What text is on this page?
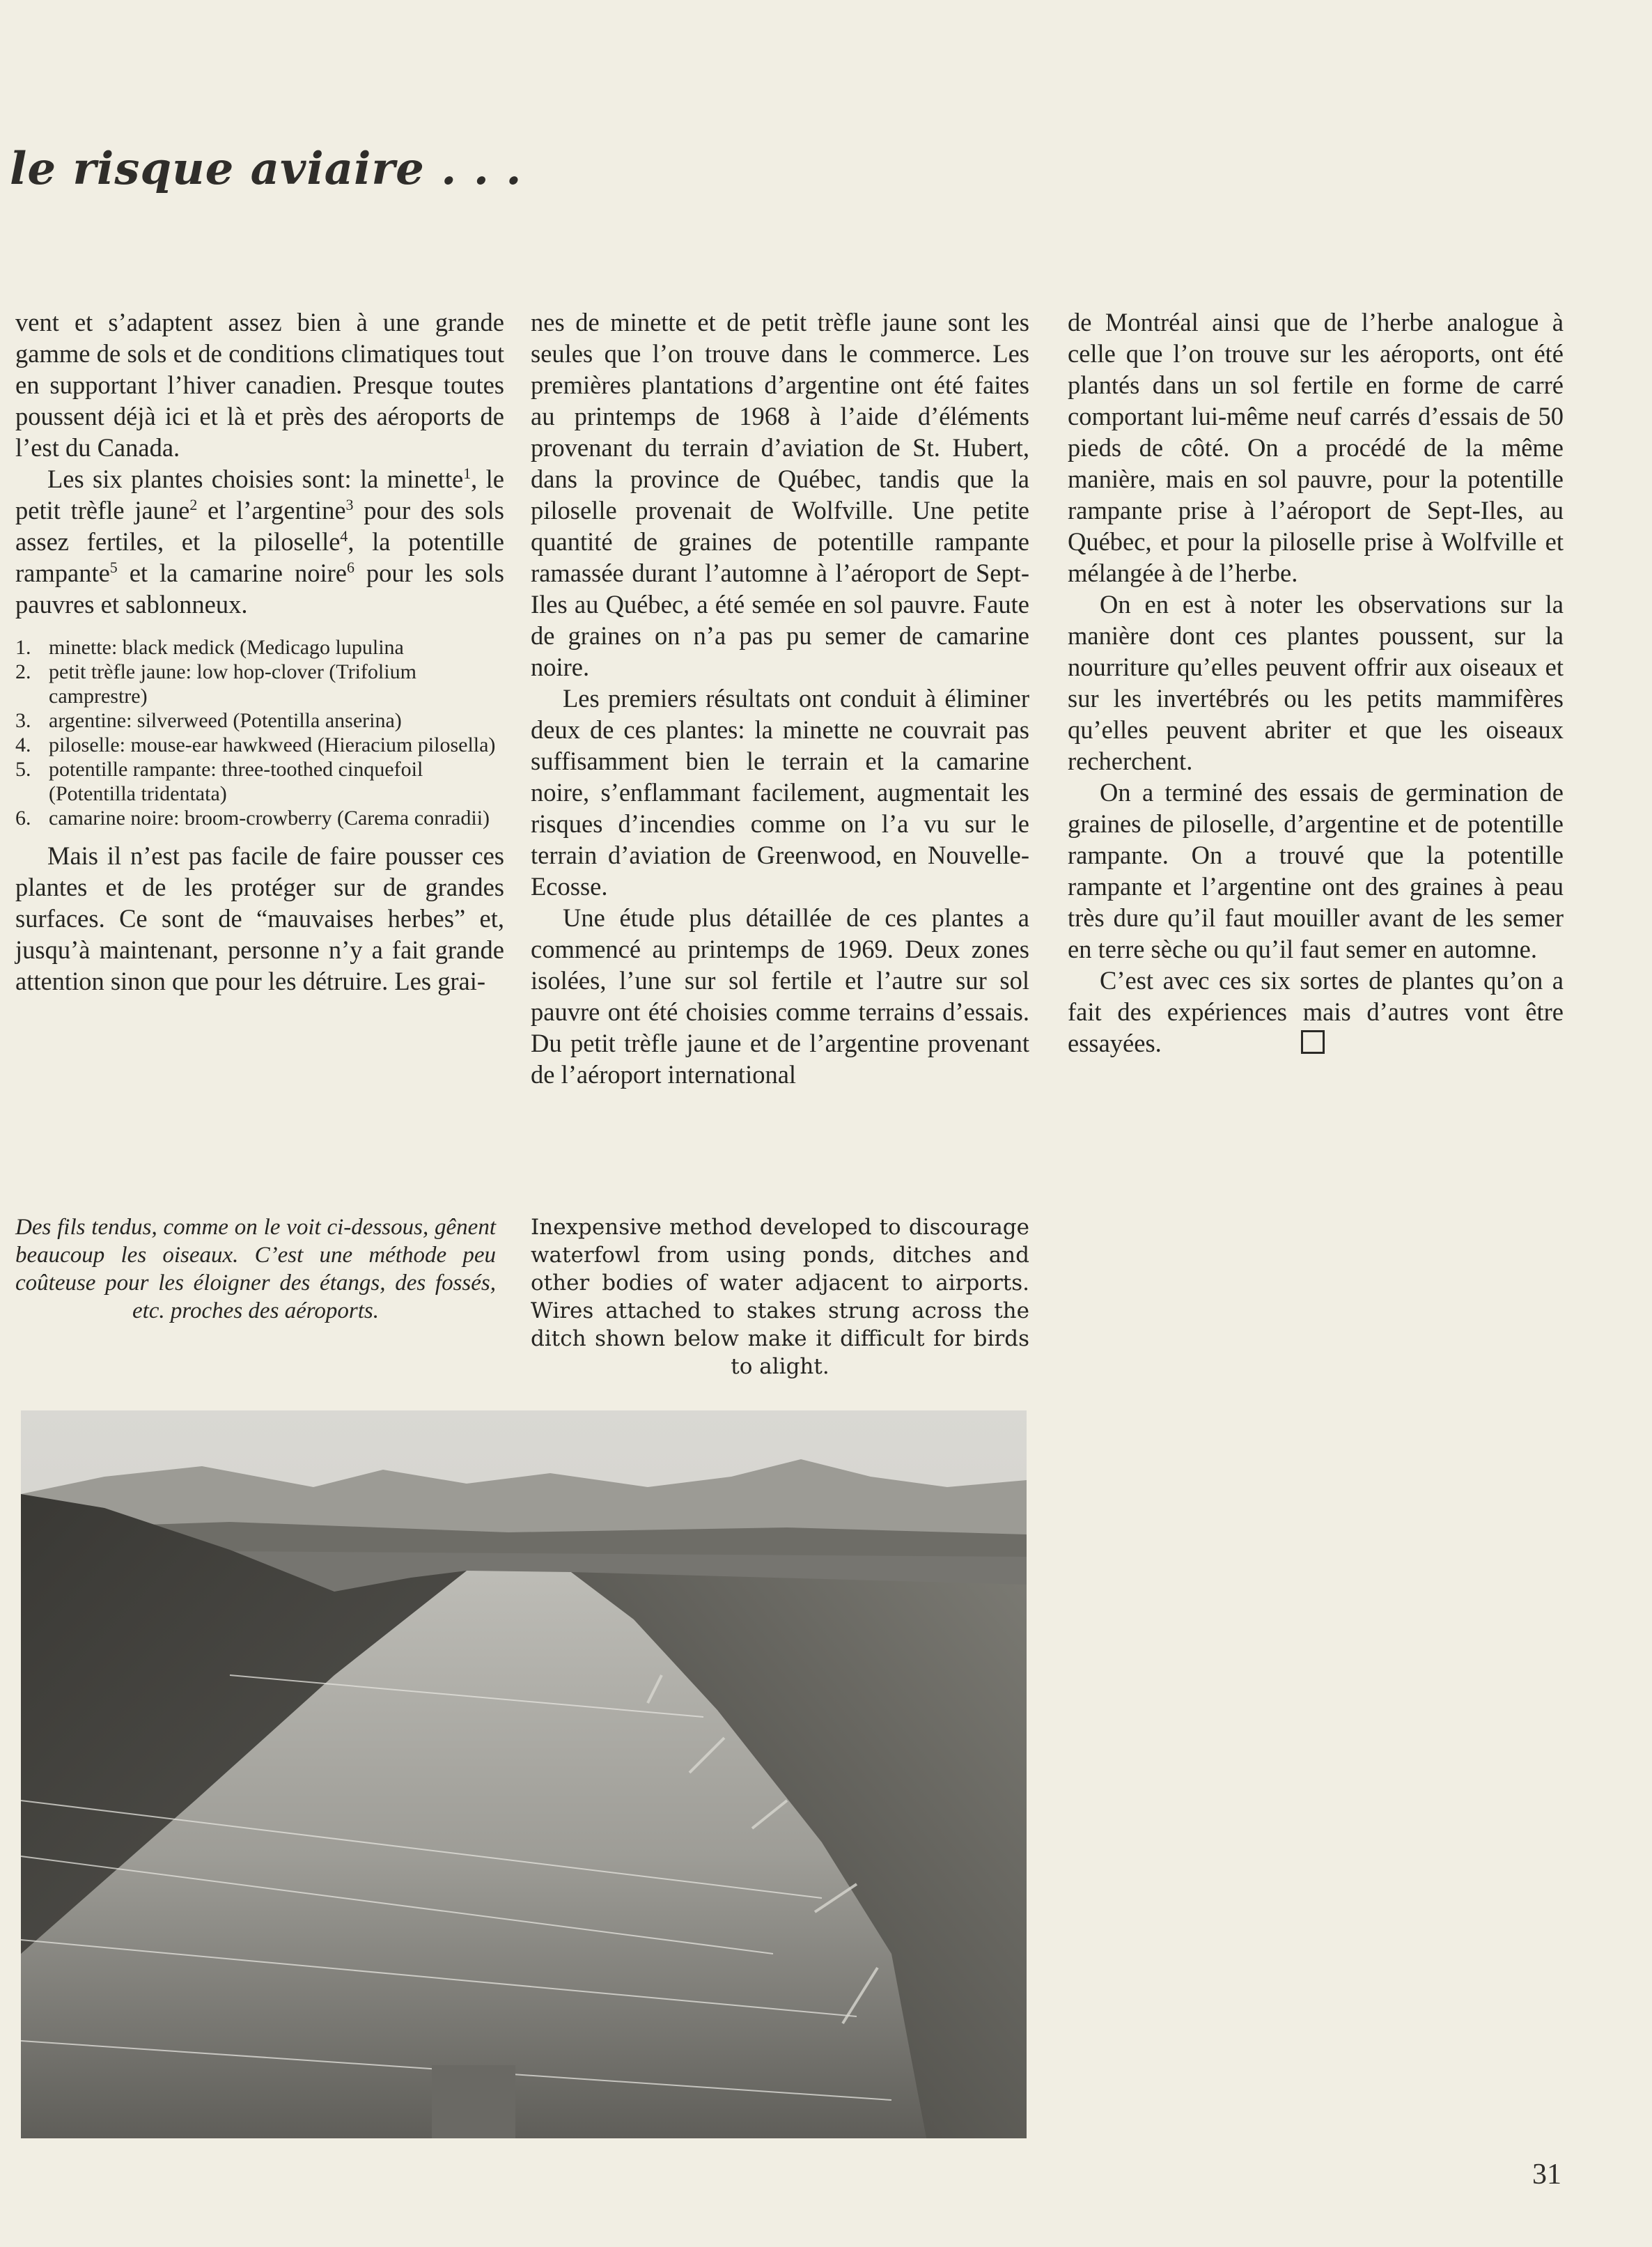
le risque aviaire . . .

vent et s’adaptent assez bien à une grande gamme de sols et de conditions climatiques tout en supportant l’hiver canadien. Presque toutes poussent déjà ici et là et près des aéroports de l’est du Canada.

Les six plantes choisies sont: la minette$^1$, le petit trèfle jaune$^2$ et l’argentine$^3$ pour des sols assez fertiles, et la piloselle$^4$, la potentille rampante$^5$ et la camarine noire$^6$ pour les sols pauvres et sablonneux.

1. minette: black medick (Medicago lupulina
2. petit trèfle jaune: low hop-clover (Trifolium camprestre)
3. argentine: silverweed (Potentilla anserina)
4. piloselle: mouse-ear hawkweed (Hieracium pilosella)
5. potentille rampante: three-toothed cinquefoil (Potentilla tridentata)
6. camarine noire: broom-crowberry (Carema conradii)

Mais il n’est pas facile de faire pousser ces plantes et de les protéger sur de grandes surfaces. Ce sont de “mauvaises herbes” et, jusqu’à maintenant, personne n’y a fait grande attention sinon que pour les détruire. Les grai-

nes de minette et de petit trèfle jaune sont les seules que l’on trouve dans le commerce. Les premières plantations d’argentine ont été faites au printemps de 1968 à l’aide d’éléments provenant du terrain d’aviation de St. Hubert, dans la province de Québec, tandis que la piloselle provenait de Wolfville. Une petite quantité de graines de potentille rampante ramassée durant l’automne à l’aéroport de Sept-Iles au Québec, a été semée en sol pauvre. Faute de graines on n’a pas pu semer de camarine noire.

Les premiers résultats ont conduit à éliminer deux de ces plantes: la minette ne couvrait pas suffisamment bien le terrain et la camarine noire, s’enflammant facilement, augmentait les risques d’incendies comme on l’a vu sur le terrain d’aviation de Greenwood, en Nouvelle-Ecosse.

Une étude plus détaillée de ces plantes a commencé au printemps de 1969. Deux zones isolées, l’une sur sol fertile et l’autre sur sol pauvre ont été choisies comme terrains d’essais. Du petit trèfle jaune et de l’argentine provenant de l’aéroport international

de Montréal ainsi que de l’herbe analogue à celle que l’on trouve sur les aéroports, ont été plantés dans un sol fertile en forme de carré comportant lui-même neuf carrés d’essais de 50 pieds de côté. On a procédé de la même manière, mais en sol pauvre, pour la potentille rampante prise à l’aéroport de Sept-Iles, au Québec, et pour la piloselle prise à Wolfville et mélangée à de l’herbe.

On en est à noter les observations sur la manière dont ces plantes poussent, sur la nourriture qu’elles peuvent offrir aux oiseaux et sur les invertébrés ou les petits mammifères qu’elles peuvent abriter et que les oiseaux recherchent.

On a terminé des essais de germination de graines de piloselle, d’argentine et de potentille rampante. On a trouvé que la potentille rampante et l’argentine ont des graines à peau très dure qu’il faut mouiller avant de les semer en terre sèche ou qu’il faut semer en automne.

C’est avec ces six sortes de plantes qu’on a fait des expériences mais d’autres vont être essayées.

Des fils tendus, comme on le voit ci-dessous, gênent beaucoup les oiseaux. C’est une méthode peu coûteuse pour les éloigner des étangs, des fossés, etc. proches des aéroports.
Inexpensive method developed to discourage waterfowl from using ponds, ditches and other bodies of water adjacent to airports. Wires attached to stakes strung across the ditch shown below make it difficult for birds to alight.
31
